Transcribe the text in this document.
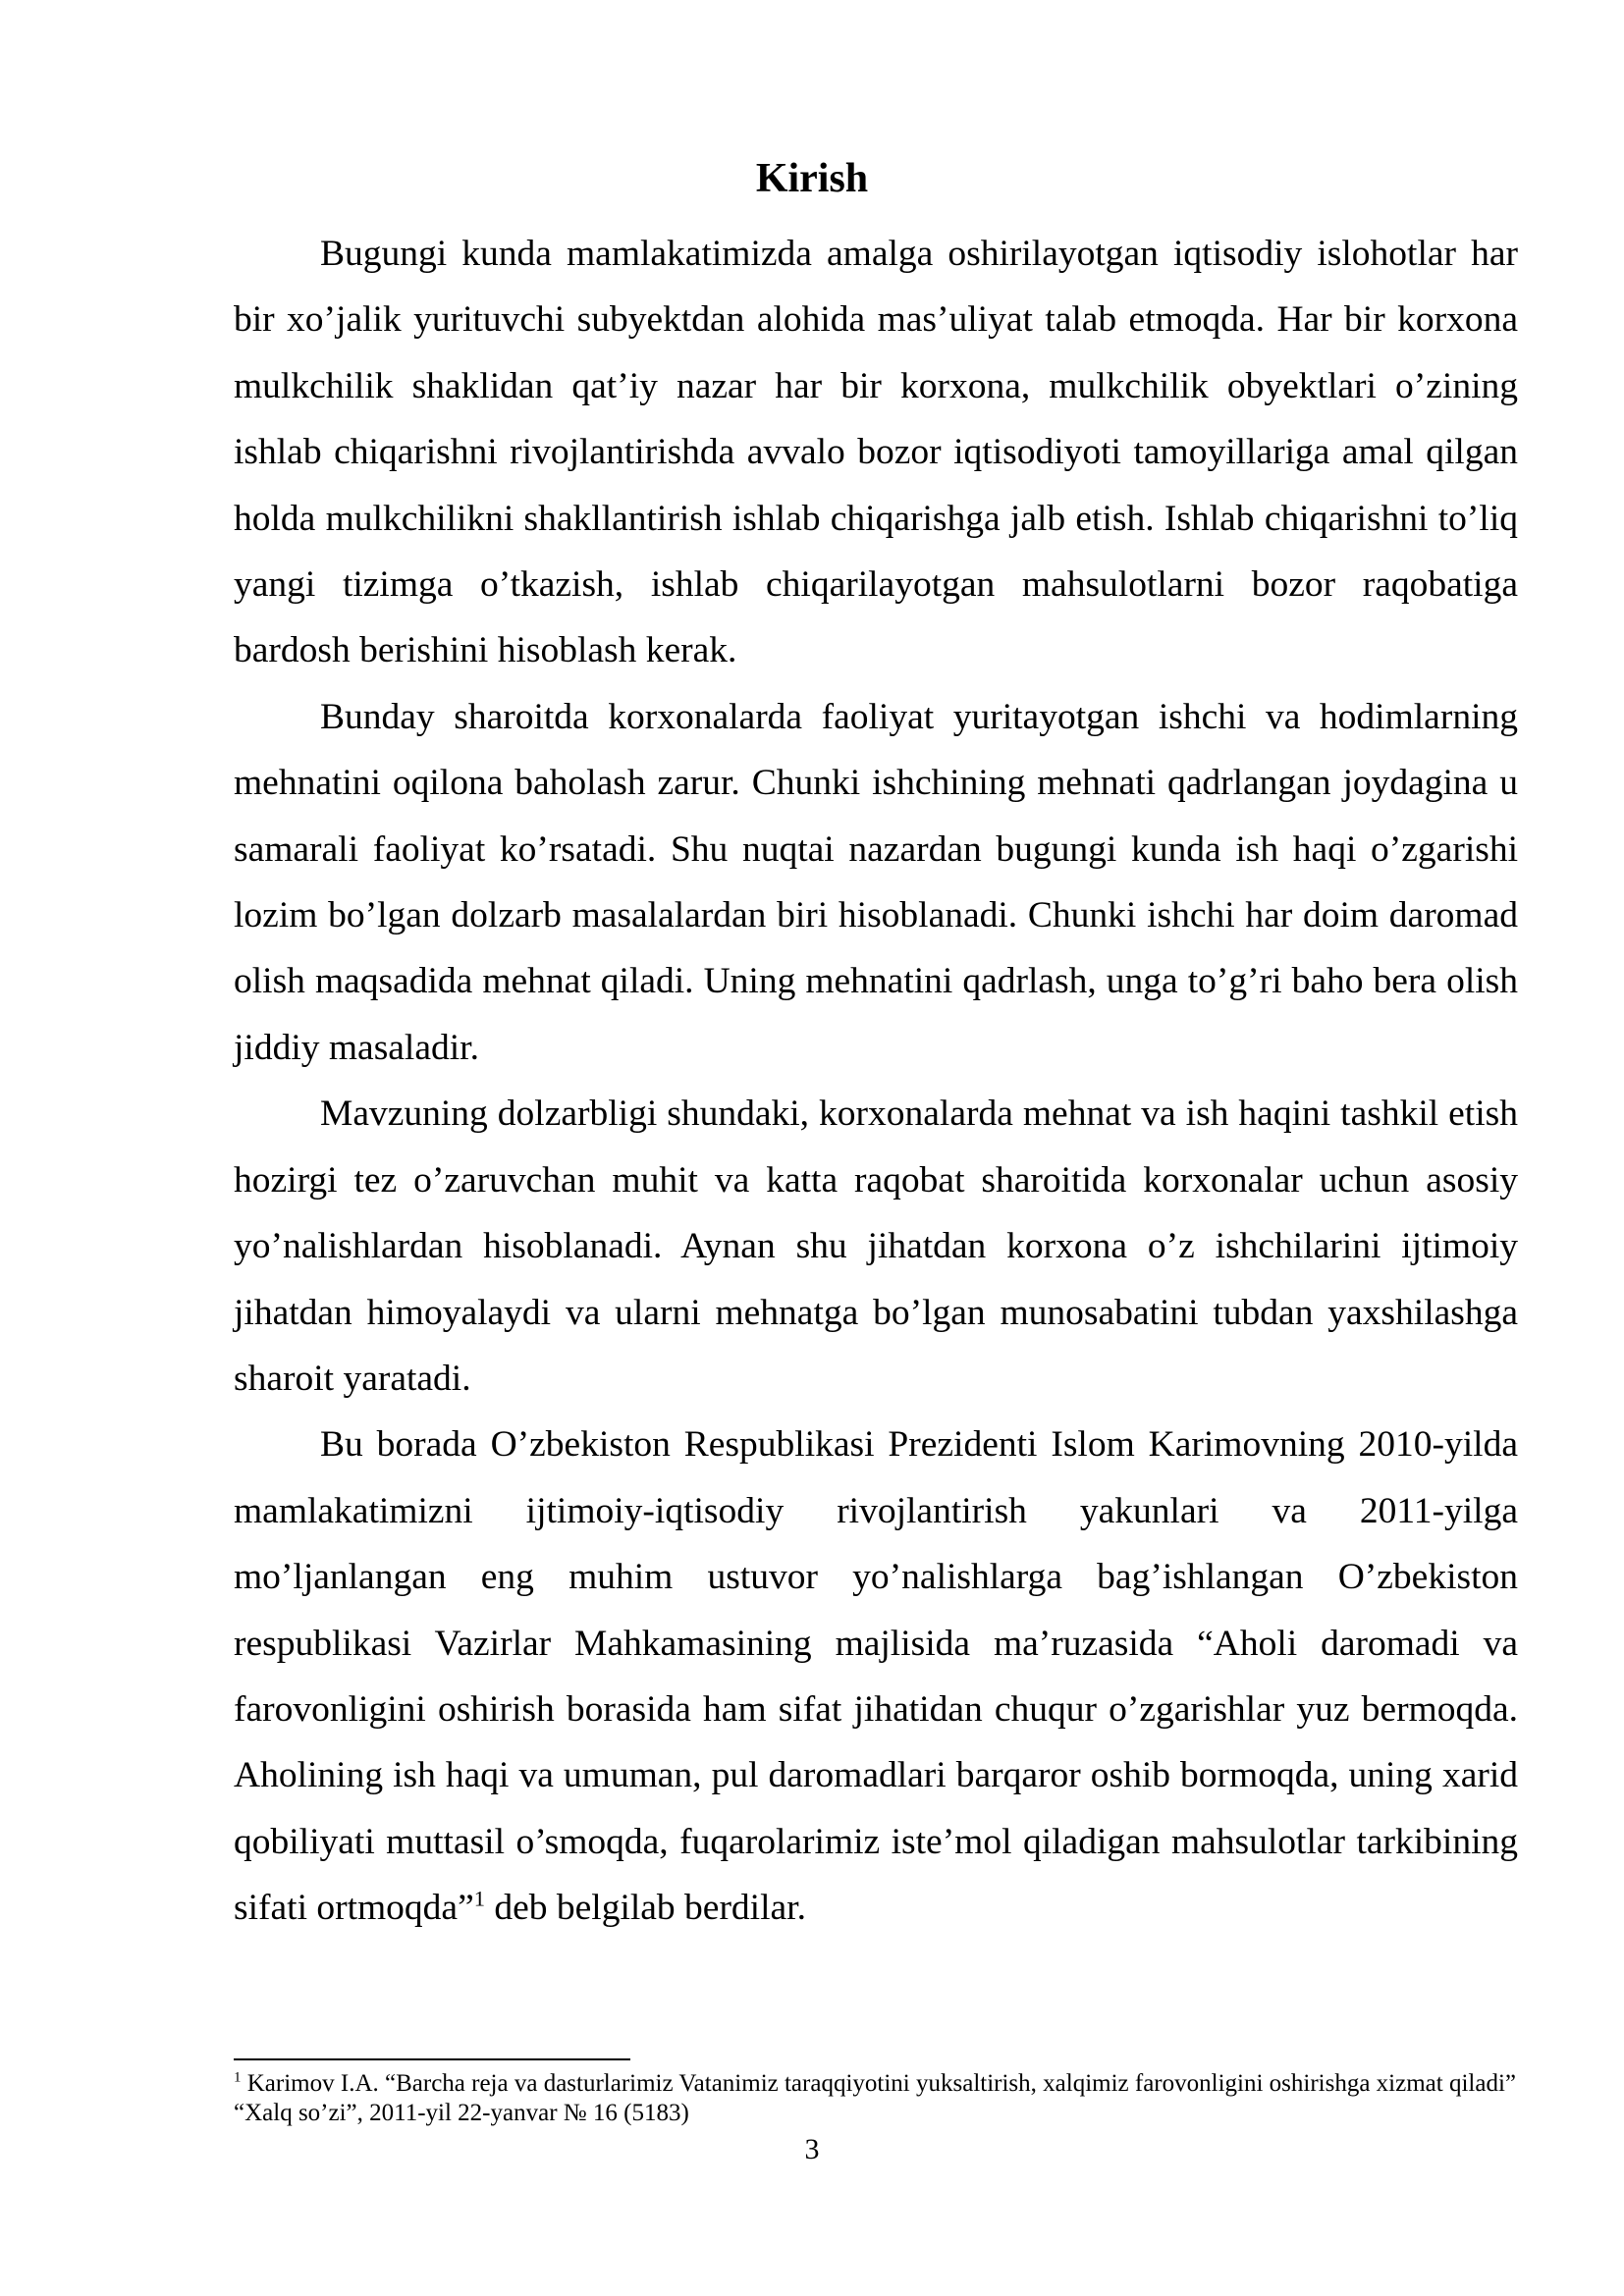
Kirish

Bugungi kunda mamlakatimizda amalga oshirilayotgan iqtisodiy islohotlar har bir xo’jalik yurituvchi subyektdan alohida mas’uliyat talab etmoqda. Har bir korxona mulkchilik shaklidan qat’iy nazar har bir korxona, mulkchilik obyektlari o’zining ishlab chiqarishni rivojlantirishda avvalo bozor iqtisodiyoti tamoyillariga amal qilgan holda mulkchilikni shakllantirish ishlab chiqarishga jalb etish. Ishlab chiqarishni to’liq yangi tizimga o’tkazish, ishlab chiqarilayotgan mahsulotlarni bozor raqobatiga bardosh berishini hisoblash kerak.

Bunday sharoitda korxonalarda faoliyat yuritayotgan ishchi va hodimlarning mehnatini oqilona baholash zarur. Chunki ishchining mehnati qadrlangan joydagina u samarali faoliyat ko’rsatadi. Shu nuqtai nazardan bugungi kunda ish haqi o’zgarishi lozim bo’lgan dolzarb masalalardan biri hisoblanadi. Chunki ishchi har doim daromad olish maqsadida mehnat qiladi. Uning mehnatini qadrlash, unga to’g’ri baho bera olish jiddiy masaladir.

Mavzuning dolzarbligi shundaki, korxonalarda mehnat va ish haqini tashkil etish hozirgi tez o’zaruvchan muhit va katta raqobat sharoitida korxonalar uchun asosiy yo’nalishlardan hisoblanadi. Aynan shu jihatdan korxona o’z ishchilarini ijtimoiy jihatdan himoyalaydi va ularni mehnatga bo’lgan munosabatini tubdan yaxshilashga sharoit yaratadi.

Bu borada O’zbekiston Respublikasi Prezidenti Islom Karimovning 2010-yilda mamlakatimizni ijtimoiy-iqtisodiy rivojlantirish yakunlari va 2011-yilga mo’ljanlangan eng muhim ustuvor yo’nalishlarga bag’ishlangan O’zbekiston respublikasi Vazirlar Mahkamasining majlisida ma’ruzasida “Aholi daromadi va farovonligini oshirish borasida ham sifat jihatidan chuqur o’zgarishlar yuz bermoqda. Aholining ish haqi va umuman, pul daromadlari barqaror oshib bormoqda, uning xarid qobiliyati muttasil o’smoqda, fuqarolarimiz iste’mol qiladigan mahsulotlar tarkibining sifati ortmoqda”$^1$ deb belgilab berdilar.

$^1$ Karimov I.A. “Barcha reja va dasturlarimiz Vatanimiz taraqqiyotini yuksaltirish, xalqimiz farovonligini oshirishga xizmat qiladi” “Xalq so’zi”, 2011-yil 22-yanvar № 16 (5183)

3
